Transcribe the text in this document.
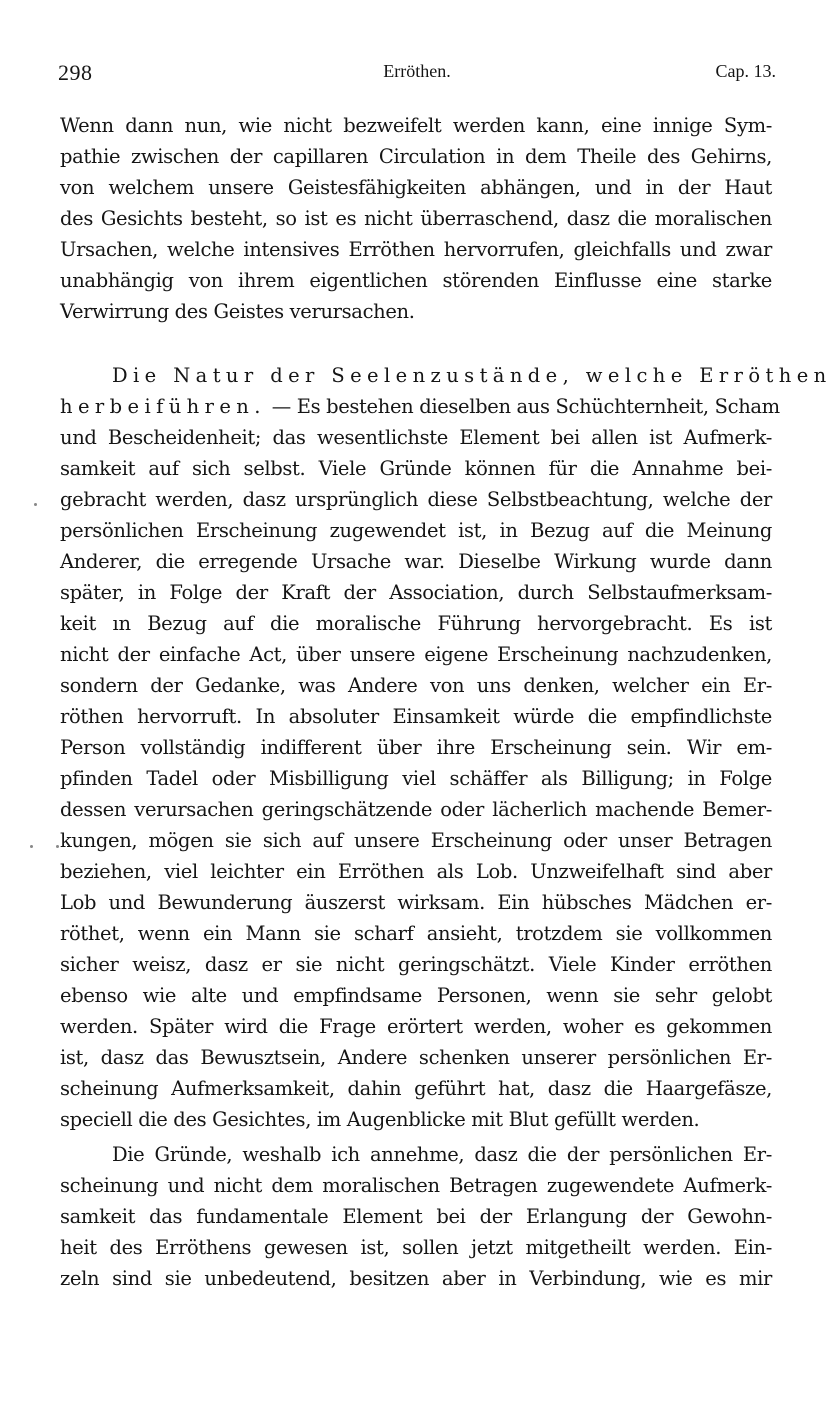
298	Erröthen.	Cap. 13.
Wenn dann nun, wie nicht bezweifelt werden kann, eine innige Sym-
pathie zwischen der capillaren Circulation in dem Theile des Gehirns,
von welchem unsere Geistesfähigkeiten abhängen, und in der Haut
des Gesichts besteht, so ist es nicht überraschend, dasz die moralischen
Ursachen, welche intensives Erröthen hervorrufen, gleichfalls und zwar
unabhängig von ihrem eigentlichen störenden Einflusse eine starke
Verwirrung des Geistes verursachen.
Die Natur der Seelenzustände, welche Erröthen
herbeiführen. — Es bestehen dieselben aus Schüchternheit, Scham
und Bescheidenheit; das wesentlichste Element bei allen ist Aufmerk-
samkeit auf sich selbst. Viele Gründe können für die Annahme bei-
gebracht werden, dasz ursprünglich diese Selbstbeachtung, welche der
persönlichen Erscheinung zugewendet ist, in Bezug auf die Meinung
Anderer, die erregende Ursache war. Dieselbe Wirkung wurde dann
später, in Folge der Kraft der Association, durch Selbstaufmerksam-
keit ın Bezug auf die moralische Führung hervorgebracht. Es ist
nicht der einfache Act, über unsere eigene Erscheinung nachzudenken,
sondern der Gedanke, was Andere von uns denken, welcher ein Er-
röthen hervorruft. In absoluter Einsamkeit würde die empfindlichste
Person vollständig indifferent über ihre Erscheinung sein. Wir em-
pfinden Tadel oder Misbilligung viel schäffer als Billigung; in Folge
dessen verursachen geringschätzende oder lächerlich machende Bemer-
kungen, mögen sie sich auf unsere Erscheinung oder unser Betragen
beziehen, viel leichter ein Erröthen als Lob. Unzweifelhaft sind aber
Lob und Bewunderung äuszerst wirksam. Ein hübsches Mädchen er-
röthet, wenn ein Mann sie scharf ansieht, trotzdem sie vollkommen
sicher weisz, dasz er sie nicht geringschätzt. Viele Kinder erröthen
ebenso wie alte und empfindsame Personen, wenn sie sehr gelobt
werden. Später wird die Frage erörtert werden, woher es gekommen
ist, dasz das Bewusztsein, Andere schenken unserer persönlichen Er-
scheinung Aufmerksamkeit, dahin geführt hat, dasz die Haargefäsze,
speciell die des Gesichtes, im Augenblicke mit Blut gefüllt werden.
Die Gründe, weshalb ich annehme, dasz die der persönlichen Er-
scheinung und nicht dem moralischen Betragen zugewendete Aufmerk-
samkeit das fundamentale Element bei der Erlangung der Gewohn-
heit des Erröthens gewesen ist, sollen jetzt mitgetheilt werden. Ein-
zeln sind sie unbedeutend, besitzen aber in Verbindung, wie es mir
